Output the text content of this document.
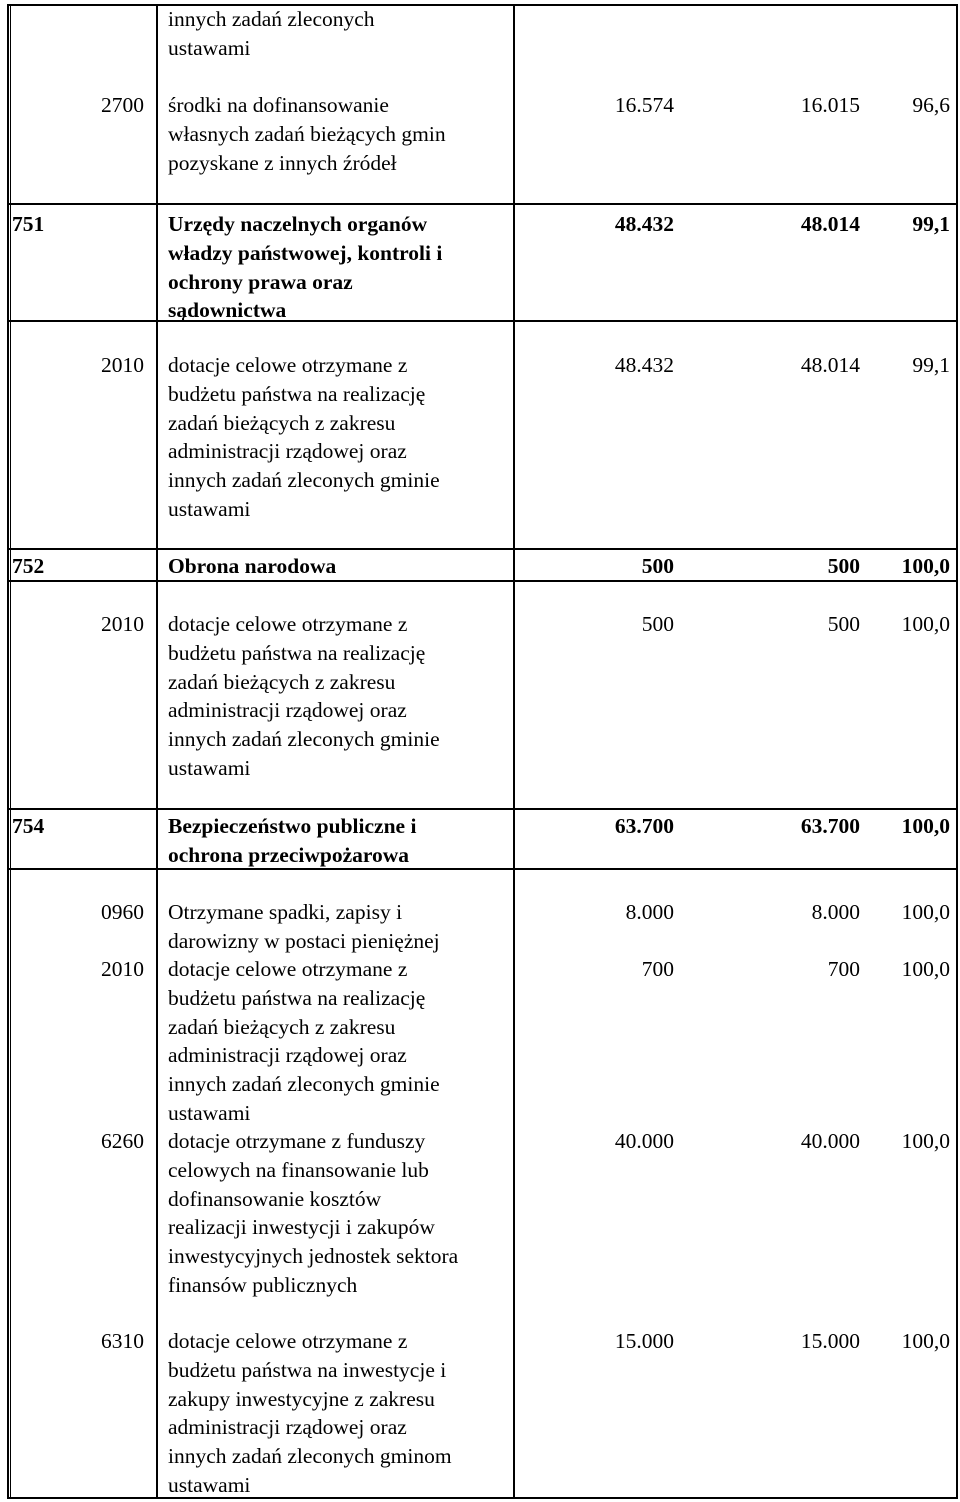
innych zadań zleconych
ustawami
2700 środki na dofinansowanie
własnych zadań bieżących gmin
pozyskane z innych źródeł
16.574	16.015	96,6
751	Urzędy naczelnych organów
władzy państwowej, kontroli i
ochrony prawa oraz
sądownictwa
48.432	48.014	99,1
2010 dotacje celowe otrzymane z
budżetu państwa na realizację
zadań bieżących z zakresu
administracji rządowej oraz
innych zadań zleconych gminie
ustawami
48.432	48.014	99,1
752	Obrona narodowa	500	500	100,0
2010 dotacje celowe otrzymane z
budżetu państwa na realizację
zadań bieżących z zakresu
administracji rządowej oraz
innych zadań zleconych gminie
ustawami
500	500	100,0
754	Bezpieczeństwo publiczne i
ochrona przeciwpożarowa
63.700	63.700	100,0
0960 Otrzymane spadki, zapisy i
darowizny w postaci pieniężnej
8.000	8.000	100,0
2010 dotacje celowe otrzymane z
budżetu państwa na realizację
zadań bieżących z zakresu
administracji rządowej oraz
innych zadań zleconych gminie
ustawami
700	700	100,0
6260 dotacje otrzymane z funduszy
celowych na finansowanie lub
dofinansowanie kosztów
realizacji inwestycji i zakupów
inwestycyjnych jednostek sektora
finansów publicznych
40.000	40.000	100,0
6310 dotacje celowe otrzymane z
budżetu państwa na inwestycje i
zakupy inwestycyjne z zakresu
administracji rządowej oraz
innych zadań zleconych gminom
ustawami
15.000	15.000	100,0
